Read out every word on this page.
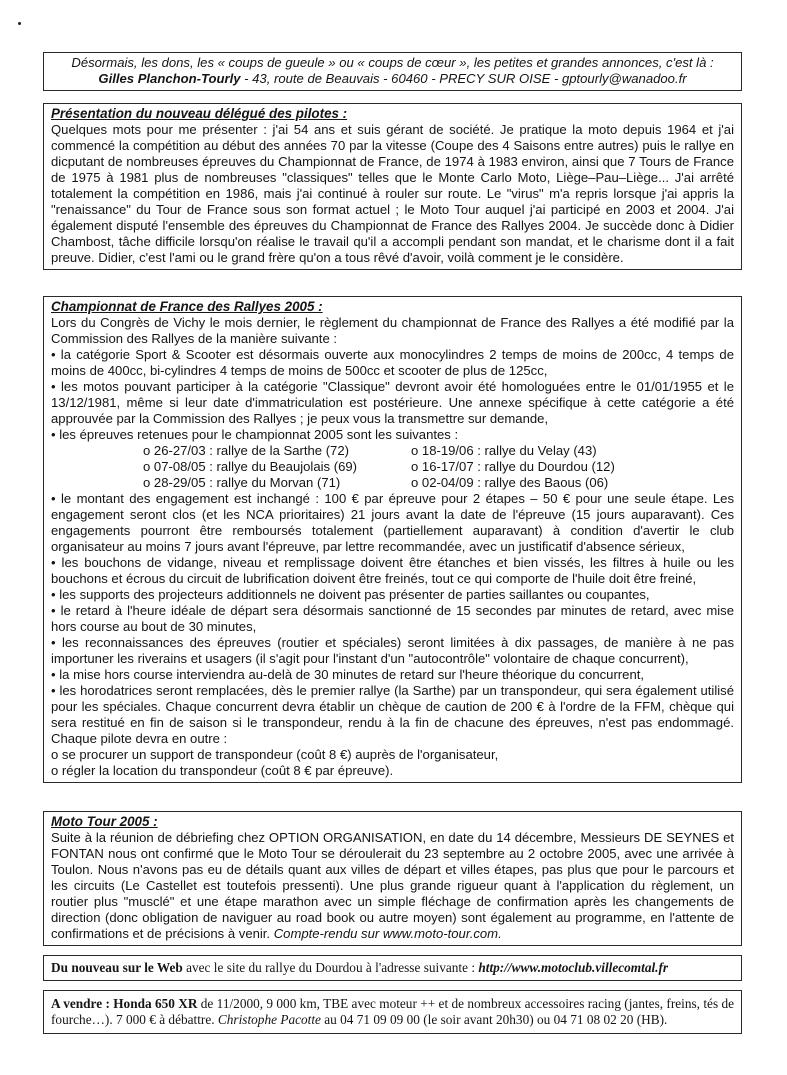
Désormais, les dons, les « coups de gueule » ou « coups de cœur », les petites et grandes annonces, c'est là :

Gilles Planchon-Tourly - 43, route de Beauvais - 60460 - PRECY SUR OISE - gptourly@wanadoo.fr

Présentation du nouveau délégué des pilotes :

Quelques mots pour me présenter : j'ai 54 ans et suis gérant de société. Je pratique la moto depuis 1964 et j'ai commencé la compétition au début des années 70 par la vitesse (Coupe des 4 Saisons entre autres) puis le rallye en dicputant de nombreuses épreuves du Championnat de France, de 1974 à 1983 environ, ainsi que 7 Tours de France de 1975 à 1981 plus de nombreuses "classiques" telles que le Monte Carlo Moto, Liège–Pau–Liège... J'ai arrêté totalement la compétition en 1986, mais j'ai continué à rouler sur route. Le "virus" m'a repris lorsque j'ai appris la "renaissance" du Tour de France sous son format actuel ; le Moto Tour auquel j'ai participé en 2003 et 2004. J'ai également disputé l'ensemble des épreuves du Championnat de France des Rallyes 2004. Je succède donc à Didier Chambost, tâche difficile lorsqu'on réalise le travail qu'il a accompli pendant son mandat, et le charisme dont il a fait preuve. Didier, c'est l'ami ou le grand frère qu'on a tous rêvé d'avoir, voilà comment je le considère.

Championnat de France des Rallyes 2005 :

Lors du Congrès de Vichy le mois dernier, le règlement du championnat de France des Rallyes a été modifié par la Commission des Rallyes de la manière suivante :

• la catégorie Sport & Scooter est désormais ouverte aux monocylindres 2 temps de moins de 200cc, 4 temps de moins de 400cc, bi-cylindres 4 temps de moins de 500cc et scooter de plus de 125cc,

• les motos pouvant participer à la catégorie "Classique" devront avoir été homologuées entre le 01/01/1955 et le 13/12/1981, même si leur date d'immatriculation est postérieure. Une annexe spécifique à cette catégorie a été approuvée par la Commission des Rallyes ; je peux vous la transmettre sur demande,

• les épreuves retenues pour le championnat 2005 sont les suivantes :

o 26-27/03 : rallye de la Sarthe (72)	o 18-19/06 : rallye du Velay (43)
o 07-08/05 : rallye du Beaujolais (69)	o 16-17/07 : rallye du Dourdou (12)
o 28-29/05 : rallye du Morvan (71)	o 02-04/09 : rallye des Baous (06)

• le montant des engagement est inchangé : 100 € par épreuve pour 2 étapes – 50 € pour une seule étape. Les engagement seront clos (et les NCA prioritaires) 21 jours avant la date de l'épreuve (15 jours auparavant). Ces engagements pourront être remboursés totalement (partiellement auparavant) à condition d'avertir le club organisateur au moins 7 jours avant l'épreuve, par lettre recommandée, avec un justificatif d'absence sérieux,

• les bouchons de vidange, niveau et remplissage doivent être étanches et bien vissés, les filtres à huile ou les bouchons et écrous du circuit de lubrification doivent être freinés, tout ce qui comporte de l'huile doit être freiné,

• les supports des projecteurs additionnels ne doivent pas présenter de parties saillantes ou coupantes,

• le retard à l'heure idéale de départ sera désormais sanctionné de 15 secondes par minutes de retard, avec mise hors course au bout de 30 minutes,

• les reconnaissances des épreuves (routier et spéciales) seront limitées à dix passages, de manière à ne pas importuner les riverains et usagers (il s'agit pour l'instant d'un "autocontrôle" volontaire de chaque concurrent),

• la mise hors course interviendra au-delà de 30 minutes de retard sur l'heure théorique du concurrent,

• les horodatrices seront remplacées, dès le premier rallye (la Sarthe) par un transpondeur, qui sera également utilisé pour les spéciales. Chaque concurrent devra établir un chèque de caution de 200 € à l'ordre de la FFM, chèque qui sera restitué en fin de saison si le transpondeur, rendu à la fin de chacune des épreuves, n'est pas endommagé. Chaque pilote devra en outre :

o se procurer un support de transpondeur (coût 8 €) auprès de l'organisateur,

o régler la location du transpondeur (coût 8 € par épreuve).

Moto Tour 2005 :

Suite à la réunion de débriefing chez OPTION ORGANISATION, en date du 14 décembre, Messieurs DE SEYNES et FONTAN nous ont confirmé que le Moto Tour se déroulerait du 23 septembre au 2 octobre 2005, avec une arrivée à Toulon. Nous n'avons pas eu de détails quant aux villes de départ et villes étapes, pas plus que pour le parcours et les circuits (Le Castellet est toutefois pressenti). Une plus grande rigueur quant à l'application du règlement, un routier plus "musclé" et une étape marathon avec un simple fléchage de confirmation après les changements de direction (donc obligation de naviguer au road book ou autre moyen) sont également au programme, en l'attente de confirmations et de précisions à venir. Compte-rendu sur www.moto-tour.com.

Du nouveau sur le Web avec le site du rallye du Dourdou à l'adresse suivante : http://www.motoclub.villecomtal.fr

A vendre : Honda 650 XR de 11/2000, 9 000 km, TBE avec moteur ++ et de nombreux accessoires racing (jantes, freins, tés de fourche…). 7 000 € à débattre. Christophe Pacotte au 04 71 09 09 00 (le soir avant 20h30) ou 04 71 08 02 20 (HB).
